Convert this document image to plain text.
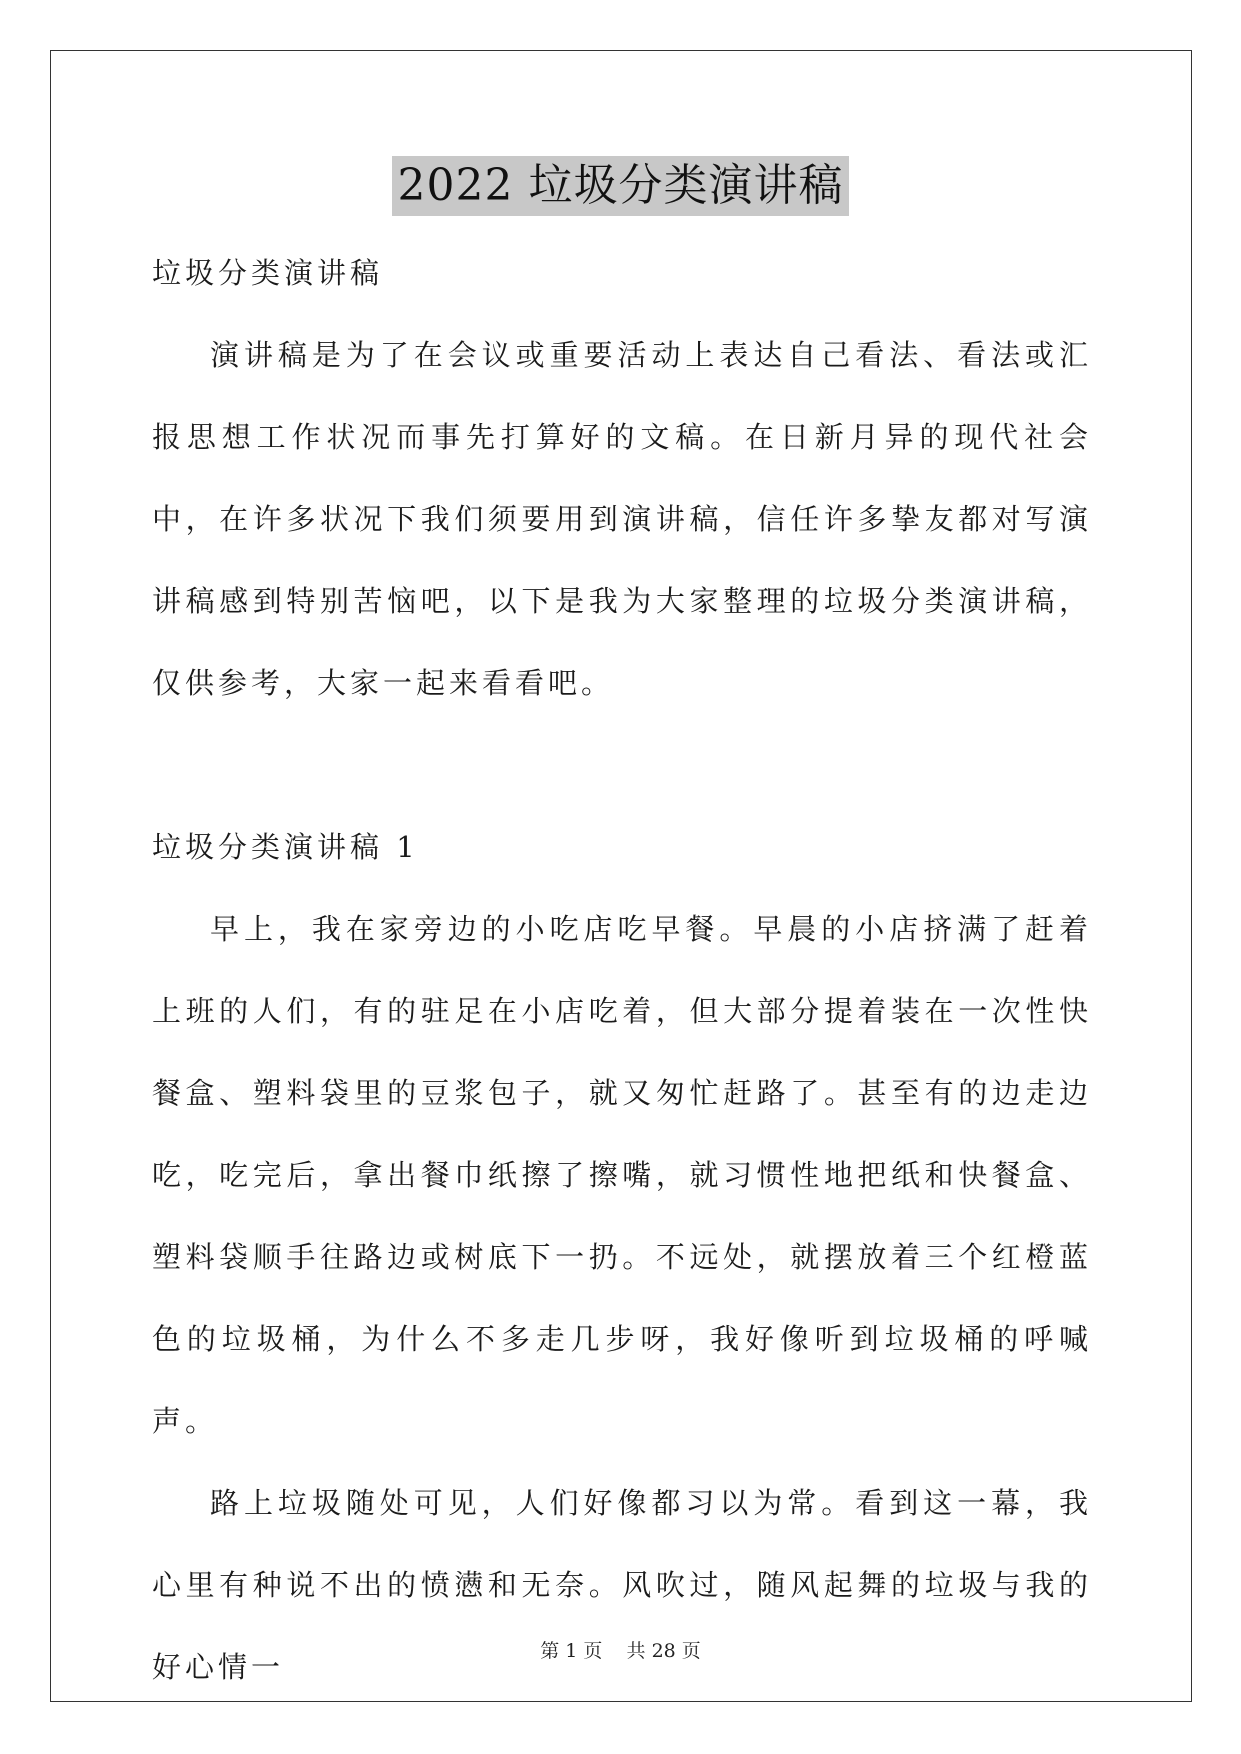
2022 垃圾分类演讲稿

垃圾分类演讲稿

演讲稿是为了在会议或重要活动上表达自己看法、看法或汇报思想工作状况而事先打算好的文稿。在日新月异的现代社会中，在许多状况下我们须要用到演讲稿，信任许多挚友都对写演讲稿感到特别苦恼吧，以下是我为大家整理的垃圾分类演讲稿，仅供参考，大家一起来看看吧。

垃圾分类演讲稿 1

早上，我在家旁边的小吃店吃早餐。早晨的小店挤满了赶着上班的人们，有的驻足在小店吃着，但大部分提着装在一次性快餐盒、塑料袋里的豆浆包子，就又匆忙赶路了。甚至有的边走边吃，吃完后，拿出餐巾纸擦了擦嘴，就习惯性地把纸和快餐盒、塑料袋顺手往路边或树底下一扔。不远处，就摆放着三个红橙蓝色的垃圾桶，为什么不多走几步呀，我好像听到垃圾桶的呼喊声。

路上垃圾随处可见，人们好像都习以为常。看到这一幕，我心里有种说不出的愤懑和无奈。风吹过，随风起舞的垃圾与我的好心情一	第 1 页 共 28 页
